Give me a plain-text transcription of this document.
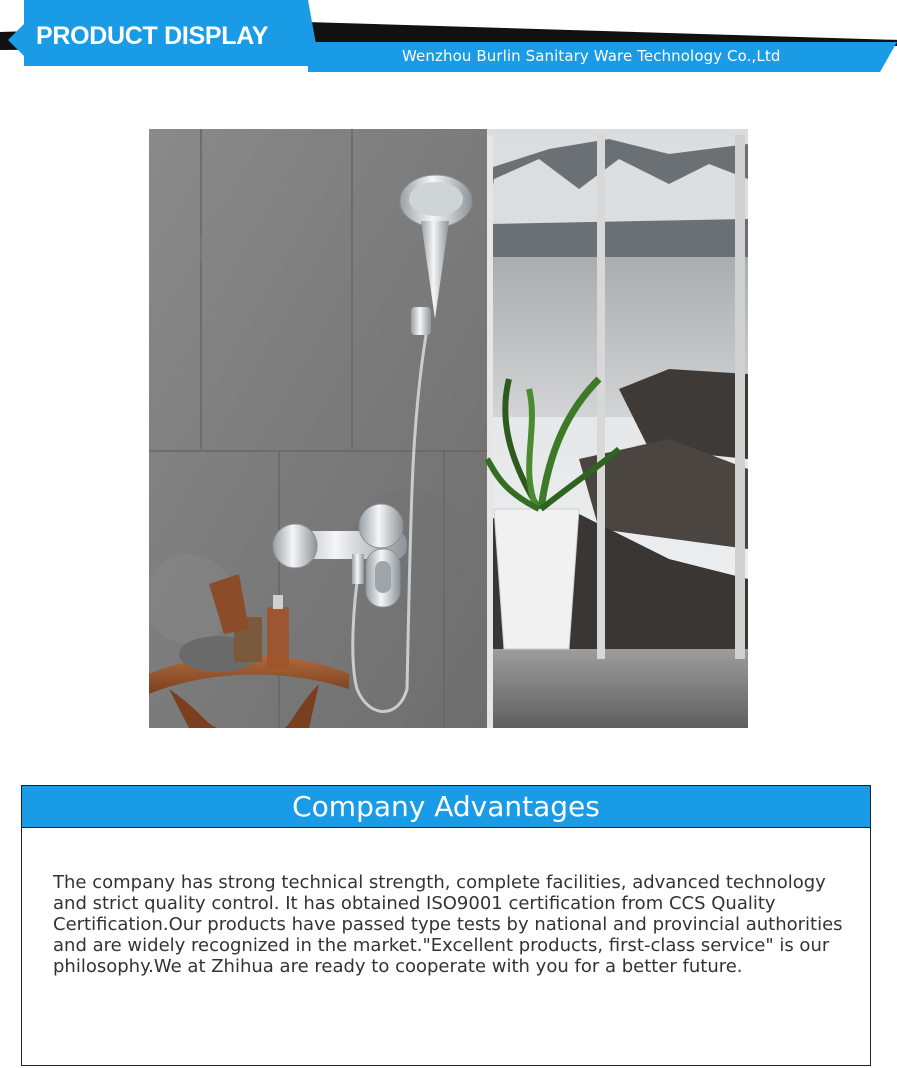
PRODUCT DISPLAY
Wenzhou Burlin Sanitary Ware Technology Co.,Ltd
Company Advantages
The company has strong technical strength, complete facilities, advanced technology and strict quality control. It has obtained ISO9001 certification from CCS Quality Certification.Our products have passed type tests by national and provincial authorities and are widely recognized in the market."Excellent products, first-class service" is our philosophy.We at Zhihua are ready to cooperate with you for a better future.
